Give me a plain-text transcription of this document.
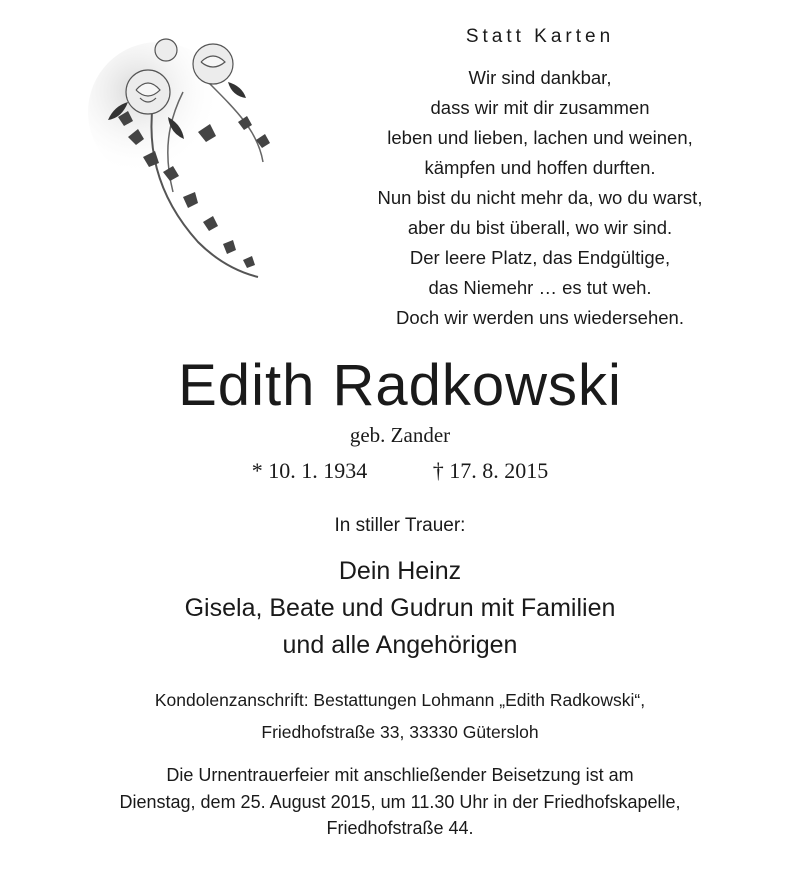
Statt Karten
Wir sind dankbar,
dass wir mit dir zusammen
leben und lieben, lachen und weinen,
kämpfen und hoffen durften.
Nun bist du nicht mehr da, wo du warst,
aber du bist überall, wo wir sind.
Der leere Platz, das Endgültige,
das Niemehr … es tut weh.
Doch wir werden uns wiedersehen.
Edith Radkowski
geb. Zander
* 10. 1. 1934	† 17. 8. 2015
In stiller Trauer:
Dein Heinz
Gisela, Beate und Gudrun mit Familien
und alle Angehörigen
Kondolenzanschrift: Bestattungen Lohmann „Edith Radkowski“,
Friedhofstraße 33, 33330 Gütersloh
Die Urnentrauerfeier mit anschließender Beisetzung ist am
Dienstag, dem 25. August 2015, um 11.30 Uhr in der Friedhofskapelle,
Friedhofstraße 44.
